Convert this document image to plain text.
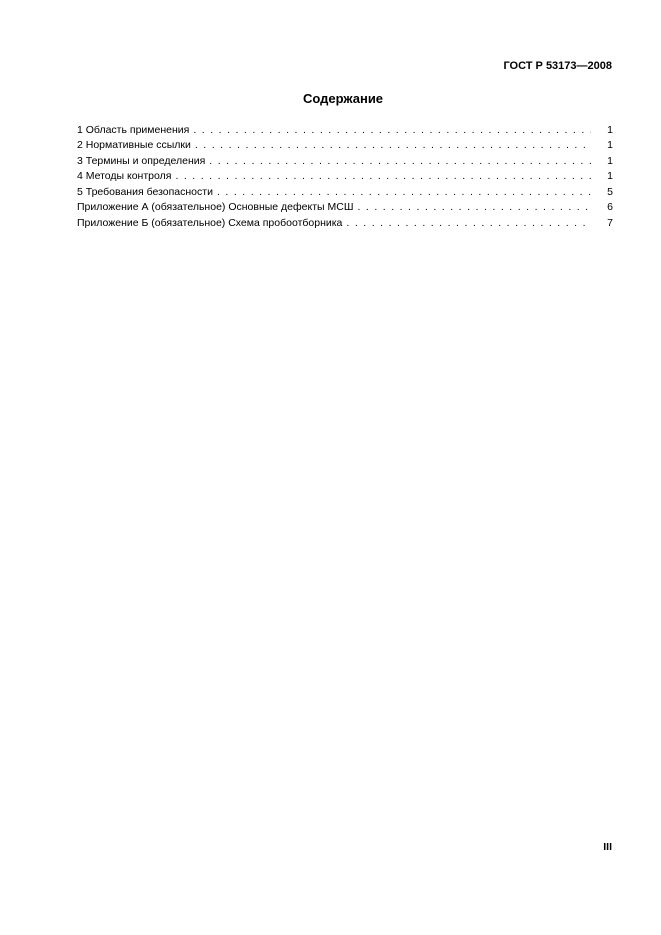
ГОСТ Р 53173—2008
Содержание
1 Область применения . . .	1
2 Нормативные ссылки . . .	1
3 Термины и определения . . .	1
4 Методы контроля . . .	1
5 Требования безопасности . . .	5
Приложение А (обязательное) Основные дефекты МСШ . . .	6
Приложение Б (обязательное) Схема пробоотборника . . .	7
III
